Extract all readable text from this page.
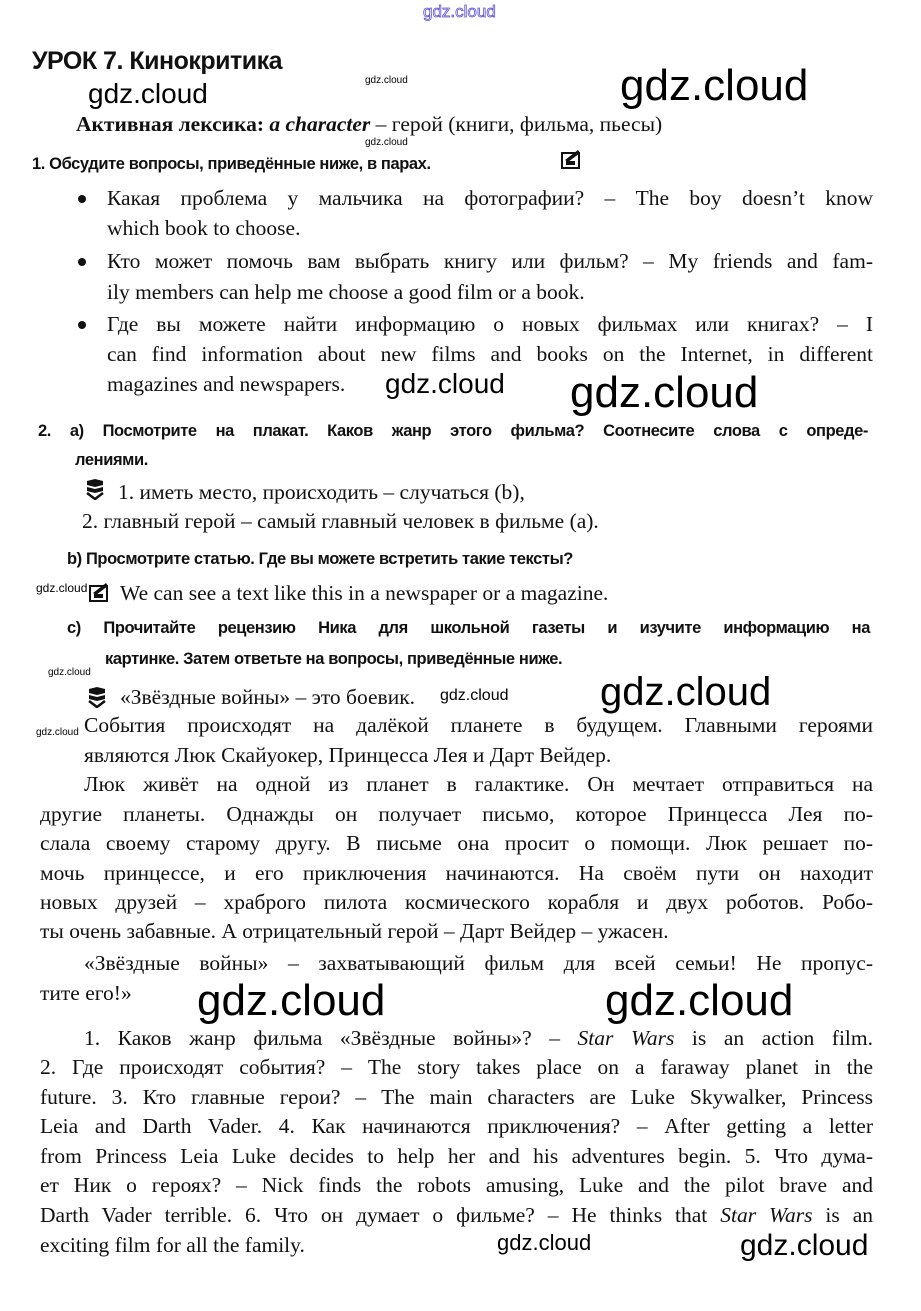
gdz.cloud
gdz.cloud
gdz.cloud
gdz.cloud	gdz.cloud
gdz.cloud gdz.cloud
gdz.cloud
gdz.cloud
gdz.cloud gdz.cloud
gdz.cloud
gdz.cloud	gdz.cloud
gdz.cloud	gdz.cloud
УРОК 7. Кинокритика
Активная лексика: a character – герой (книги, фильма, пьесы)
1. Обсудите вопросы, приведённые ниже, в парах.
Какая проблема у мальчика на фотографии? – The boy doesn’t know
which book to choose.
Кто может помочь вам выбрать книгу или фильм? – My friends and fam-
ily members can help me choose a good film or a book.
Где вы можете найти информацию о новых фильмах или книгах? – I
can find information about new films and books on the Internet, in different
magazines and newspapers.
2. а) Посмотрите на плакат. Каков жанр этого фильма? Соотнесите слова с опреде-
лениями.
1. иметь место, происходить – случаться (b),
2. главный герой – самый главный человек в фильме (a).
b) Просмотрите статью. Где вы можете встретить такие тексты?
We can see a text like this in a newspaper or a magazine.
с) Прочитайте рецензию Ника для школьной газеты и изучите информацию на
картинке. Затем ответьте на вопросы, приведённые ниже.
«Звёздные войны» – это боевик.
События происходят на далёкой планете в будущем. Главными героями
являются Люк Скайуокер, Принцесса Лея и Дарт Вейдер.
Люк живёт на одной из планет в галактике. Он мечтает отправиться на
другие планеты. Однажды он получает письмо, которое Принцесса Лея по-
слала своему старому другу. В письме она просит о помощи. Люк решает по-
мочь принцессе, и его приключения начинаются. На своём пути он находит
новых друзей – храброго пилота космического корабля и двух роботов. Робо-
ты очень забавные. А отрицательный герой – Дарт Вейдер – ужасен.
«Звёздные войны» – захватывающий фильм для всей семьи! Не пропус-
тите его!»
1. Каков жанр фильма «Звёздные войны»? – Star Wars is an action film.
2. Где происходят события? – The story takes place on a faraway planet in the
future. 3. Кто главные герои? – The main characters are Luke Skywalker, Princess
Leia and Darth Vader. 4. Как начинаются приключения? – After getting a letter
from Princess Leia Luke decides to help her and his adventures begin. 5. Что дума-
ет Ник о героях? – Nick finds the robots amusing, Luke and the pilot brave and
Darth Vader terrible. 6. Что он думает о фильме? – He thinks that Star Wars is an
exciting film for all the family.
